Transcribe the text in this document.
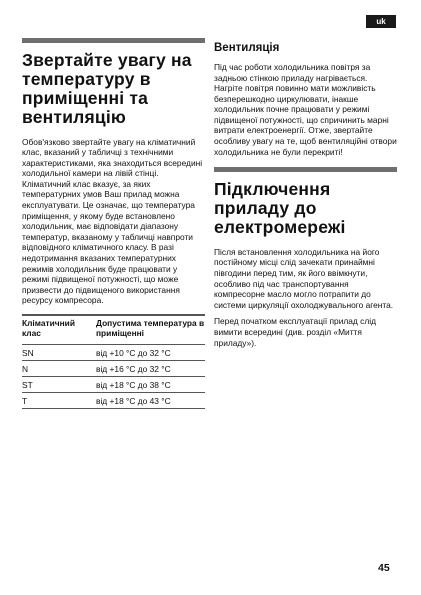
uk
Звертайте увагу на температуру в приміщенні та вентиляцію

Обов'язково звертайте увагу на кліматичний клас, вказаний у табличці з технічними характеристиками, яка знаходиться всередині холодильної камери на лівій стінці. Кліматичний клас вказує, за яких температурних умов Ваш прилад можна експлуатувати. Це означає, що температура приміщення, у якому буде встановлено холодильник, має відповідати діапазону температур, вказаному у табличці навпроти відповідного кліматичного класу. В разі недотримання вказаних температурних режимів холодильник буде працювати у режимі підвищеної потужності, що може призвести до підвищеного використання ресурсу компресора.

Кліматичний клас	Допустима температура в приміщенні
SN	від +10 °C до 32 °C
N	від +16 °C до 32 °C
ST	від +18 °C до 38 °C
T	від +18 °C до 43 °C
Вентиляція

Під час роботи холодильника повітря за задньою стінкою приладу нагрівається. Нагріте повітря повинно мати можливість безперешкодно циркулювати, інакше холодильник почне працювати у режимі підвищеної потужності, що спричинить марні витрати електроенергії. Отже, звертайте особливу увагу на те, щоб вентиляційні отвори холодильника не були перекриті!

Підключення приладу до електромережі

Після встановлення холодильника на його постійному місці слід зачекати принаймні півгодини перед тим, як його ввімкнути, особливо під час транспортування компресорне масло могло потрапити до системи циркуляції охолоджувального агента.

Перед початком експлуатації прилад слід вимити всередині (див. розділ «Миття приладу»).

45
